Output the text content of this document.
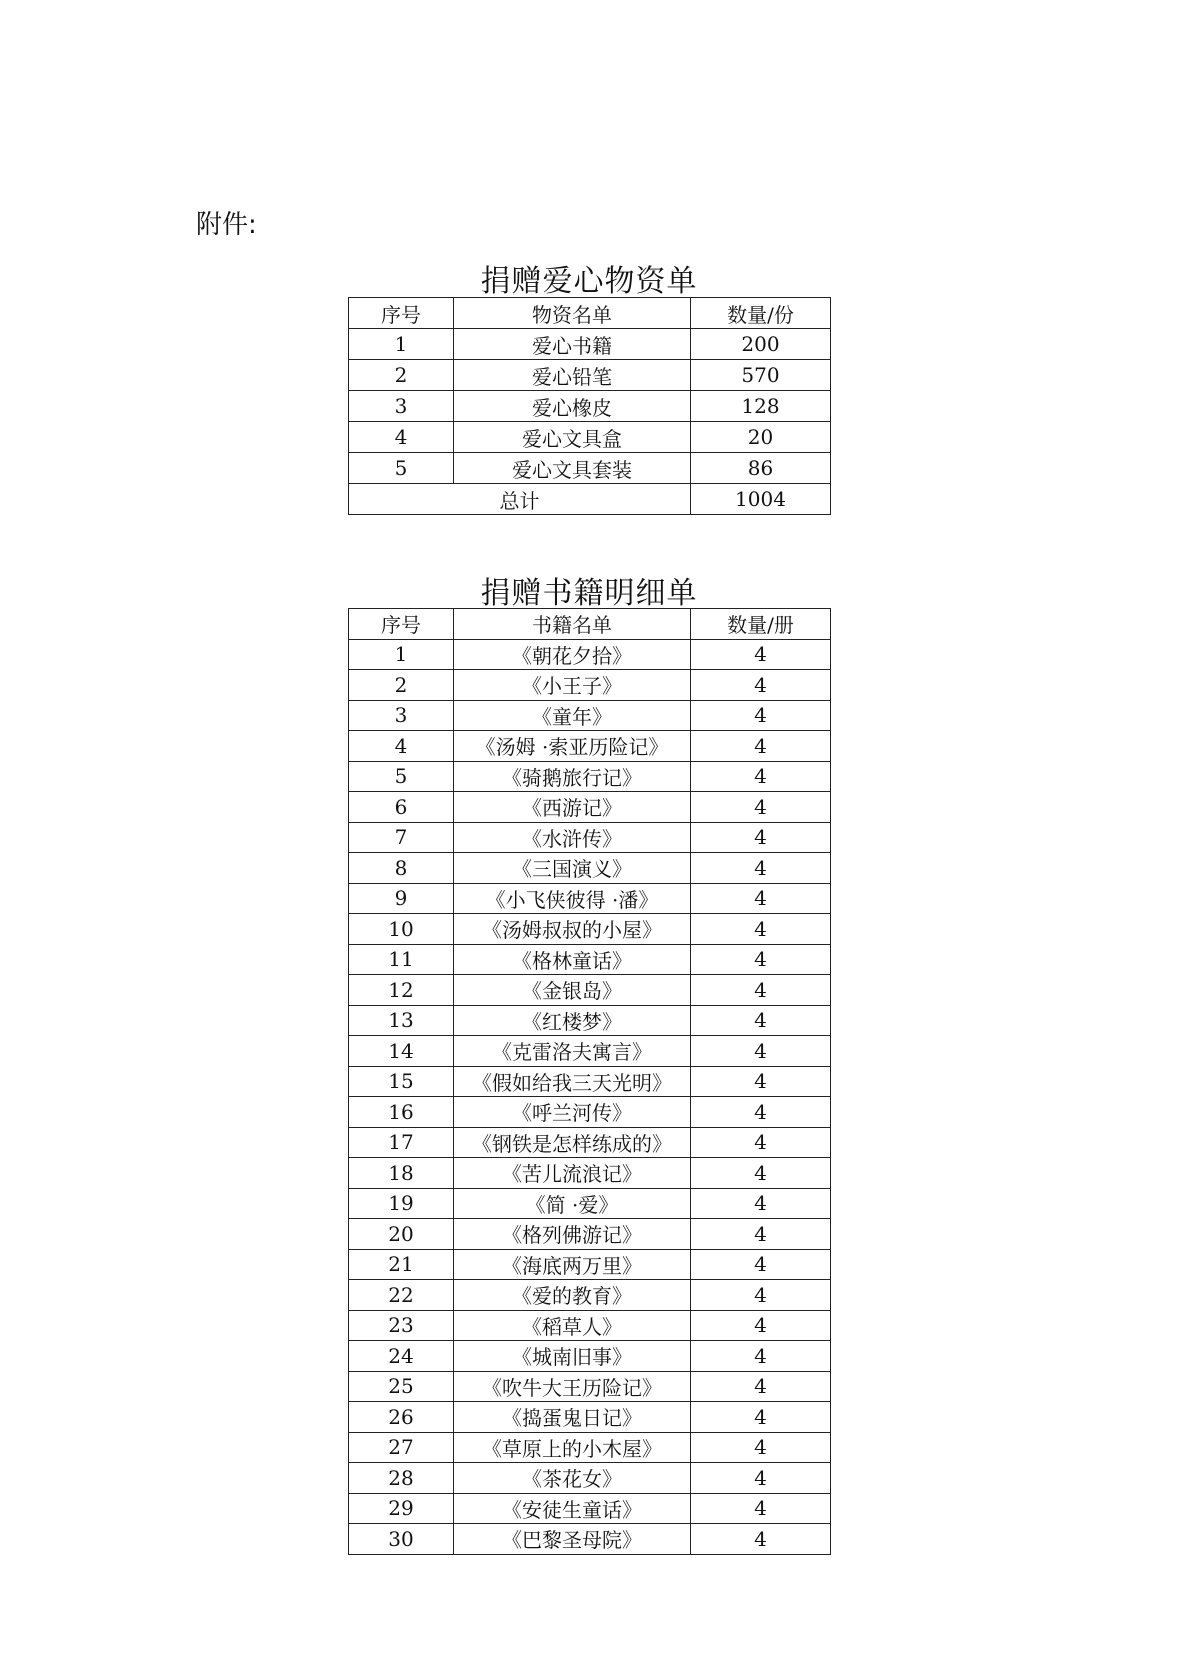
附件:
捐赠爱心物资单
序号	物资名单	数量/份
1	爱心书籍	200
2	爱心铅笔	570
3	爱心橡皮	128
4	爱心文具盒	20
5	爱心文具套装	86
总计		1004
捐赠书籍明细单
序号	书籍名单	数量/册
1	《朝花夕拾》	4
2	《小王子》	4
3	《童年》	4
4	《汤姆 ·索亚历险记》	4
5	《骑鹅旅行记》	4
6	《西游记》	4
7	《水浒传》	4
8	《三国演义》	4
9	《小飞侠彼得 ·潘》	4
10	《汤姆叔叔的小屋》	4
11	《格林童话》	4
12	《金银岛》	4
13	《红楼梦》	4
14	《克雷洛夫寓言》	4
15	《假如给我三天光明》	4
16	《呼兰河传》	4
17	《钢铁是怎样练成的》	4
18	《苦儿流浪记》	4
19	《简 ·爱》	4
20	《格列佛游记》	4
21	《海底两万里》	4
22	《爱的教育》	4
23	《稻草人》	4
24	《城南旧事》	4
25	《吹牛大王历险记》	4
26	《捣蛋鬼日记》	4
27	《草原上的小木屋》	4
28	《茶花女》	4
29	《安徒生童话》	4
30	《巴黎圣母院》	4
